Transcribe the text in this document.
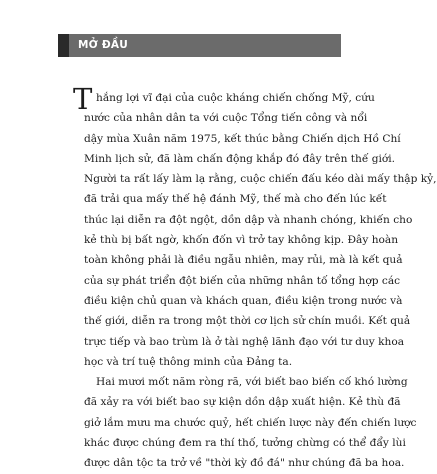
MỞ ĐẦU
T hắng lợi vĩ đại của cuộc kháng chiến chống Mỹ, cứu
nước của nhân dân ta với cuộc Tổng tiến công và nổi
dậy mùa Xuân năm 1975, kết thúc bằng Chiến dịch Hồ Chí
Minh lịch sử, đã làm chấn động khắp đó đây trên thế giới.
Người ta rất lấy làm lạ rằng, cuộc chiến đấu kéo dài mấy thập kỷ,
đã trải qua mấy thế hệ đánh Mỹ, thế mà cho đến lúc kết
thúc lại diễn ra đột ngột, dồn dập và nhanh chóng, khiến cho
kẻ thù bị bất ngờ, khốn đốn vì trở tay không kịp. Đây hoàn
toàn không phải là điều ngẫu nhiên, may rủi, mà là kết quả
của sự phát triển đột biến của những nhân tố tổng hợp các
điều kiện chủ quan và khách quan, điều kiện trong nước và
thế giới, diễn ra trong một thời cơ lịch sử chín muồi. Kết quả
trực tiếp và bao trùm là ở tài nghệ lãnh đạo với tư duy khoa
học và trí tuệ thông minh của Đảng ta.
Hai mươi mốt năm ròng rã, với biết bao biến cố khó lường
đã xảy ra với biết bao sự kiện dồn dập xuất hiện. Kẻ thù đã
giở lắm mưu ma chước quỷ, hết chiến lược này đến chiến lược
khác được chúng đem ra thí thố, tưởng chừng có thể đẩy lùi
được dân tộc ta trở về "thời kỳ đồ đá" như chúng đã ba hoa.
